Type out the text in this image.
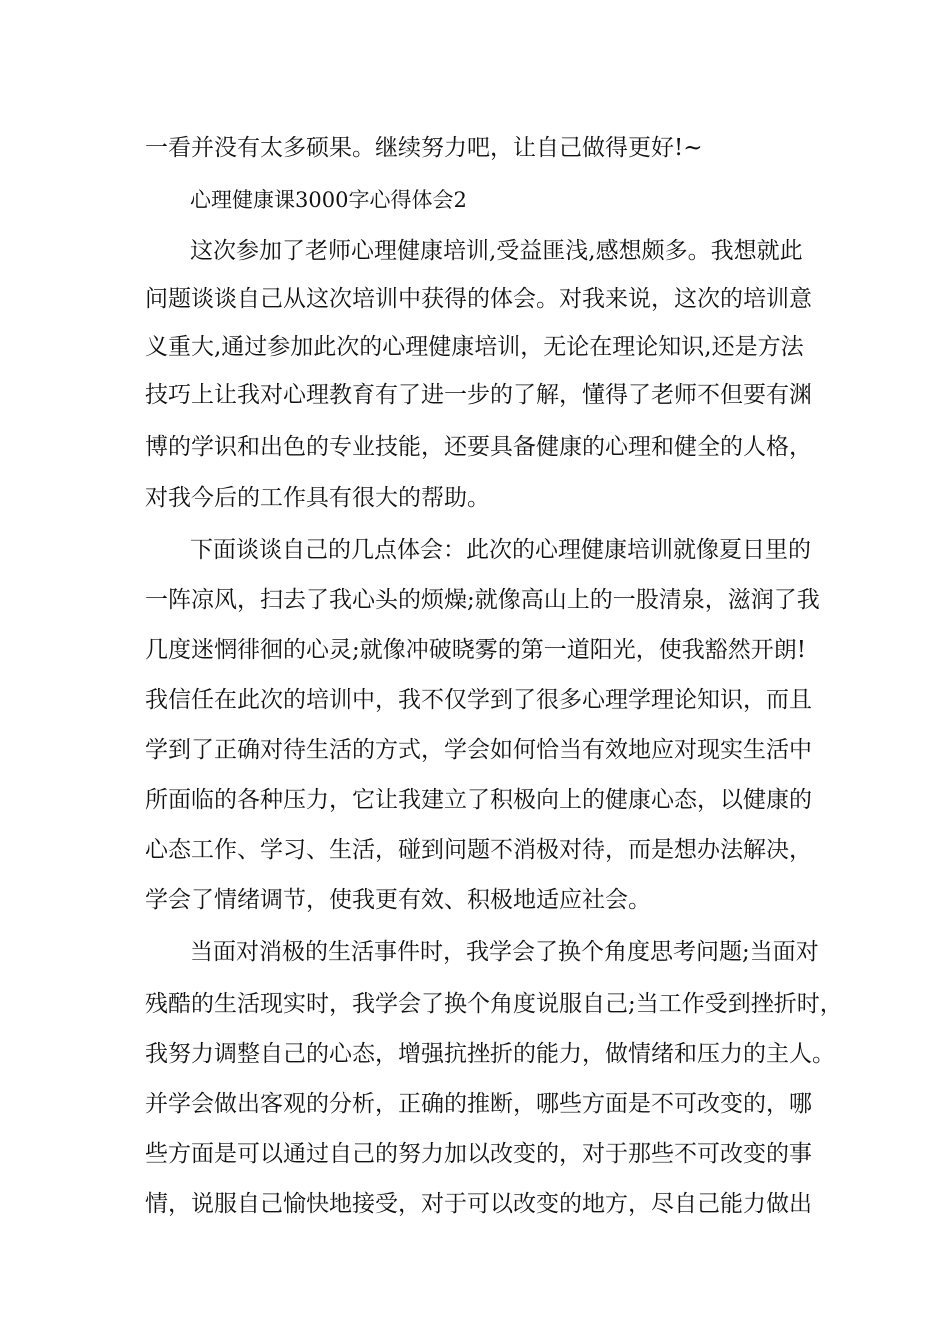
一看并没有太多硕果。继续努力吧，让自己做得更好!~
心理健康课3000字心得体会2
这次参加了老师心理健康培训,受益匪浅,感想颇多。我想就此
问题谈谈自己从这次培训中获得的体会。对我来说，这次的培训意
义重大,通过参加此次的心理健康培训，无论在理论知识,还是方法
技巧上让我对心理教育有了进一步的了解，懂得了老师不但要有渊
博的学识和出色的专业技能，还要具备健康的心理和健全的人格，
对我今后的工作具有很大的帮助。
下面谈谈自己的几点体会：此次的心理健康培训就像夏日里的
一阵凉风，扫去了我心头的烦燥;就像高山上的一股清泉，滋润了我
几度迷惘徘徊的心灵;就像冲破晓雾的第一道阳光，使我豁然开朗!
我信任在此次的培训中，我不仅学到了很多心理学理论知识，而且
学到了正确对待生活的方式，学会如何恰当有效地应对现实生活中
所面临的各种压力，它让我建立了积极向上的健康心态，以健康的
心态工作、学习、生活，碰到问题不消极对待，而是想办法解决，
学会了情绪调节，使我更有效、积极地适应社会。
当面对消极的生活事件时，我学会了换个角度思考问题;当面对
残酷的生活现实时，我学会了换个角度说服自己;当工作受到挫折时，
我努力调整自己的心态，增强抗挫折的能力，做情绪和压力的主人。
并学会做出客观的分析，正确的推断，哪些方面是不可改变的，哪
些方面是可以通过自己的努力加以改变的，对于那些不可改变的事
情，说服自己愉快地接受，对于可以改变的地方，尽自己能力做出
